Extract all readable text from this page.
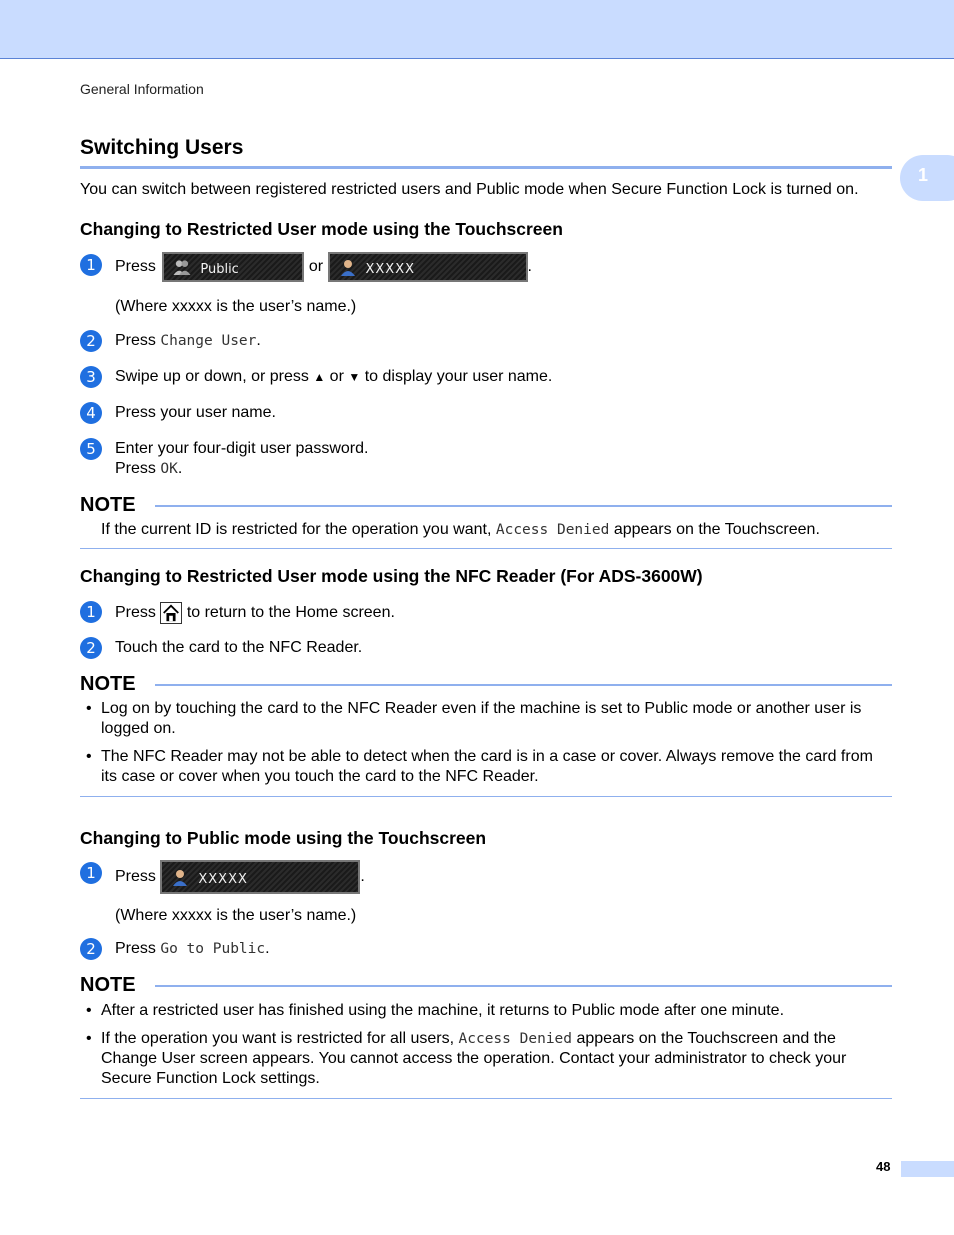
General Information
1
Switching Users
You can switch between registered restricted users and Public mode when Secure Function Lock is turned on.
Changing to Restricted User mode using the Touchscreen
1	Press	Public	or	XXXXX	.
(Where xxxxx is the user’s name.)
2	Press Change User.
3	Swipe up or down, or press ▲ or ▼ to display your user name.
4	Press your user name.
5	Enter your four-digit user password.
Press OK.
NOTE
If the current ID is restricted for the operation you want, Access Denied appears on the Touchscreen.
Changing to Restricted User mode using the NFC Reader (For ADS-3600W)
1	Press to return to the Home screen.
2	Touch the card to the NFC Reader.
NOTE
• Log on by touching the card to the NFC Reader even if the machine is set to Public mode or another user is logged on.
• The NFC Reader may not be able to detect when the card is in a case or cover. Always remove the card from its case or cover when you touch the card to the NFC Reader.
Changing to Public mode using the Touchscreen
1	Press	XXXXX	.
(Where xxxxx is the user’s name.)
2	Press Go to Public.
NOTE
• After a restricted user has finished using the machine, it returns to Public mode after one minute.
• If the operation you want is restricted for all users, Access Denied appears on the Touchscreen and the Change User screen appears. You cannot access the operation. Contact your administrator to check your Secure Function Lock settings.
48
